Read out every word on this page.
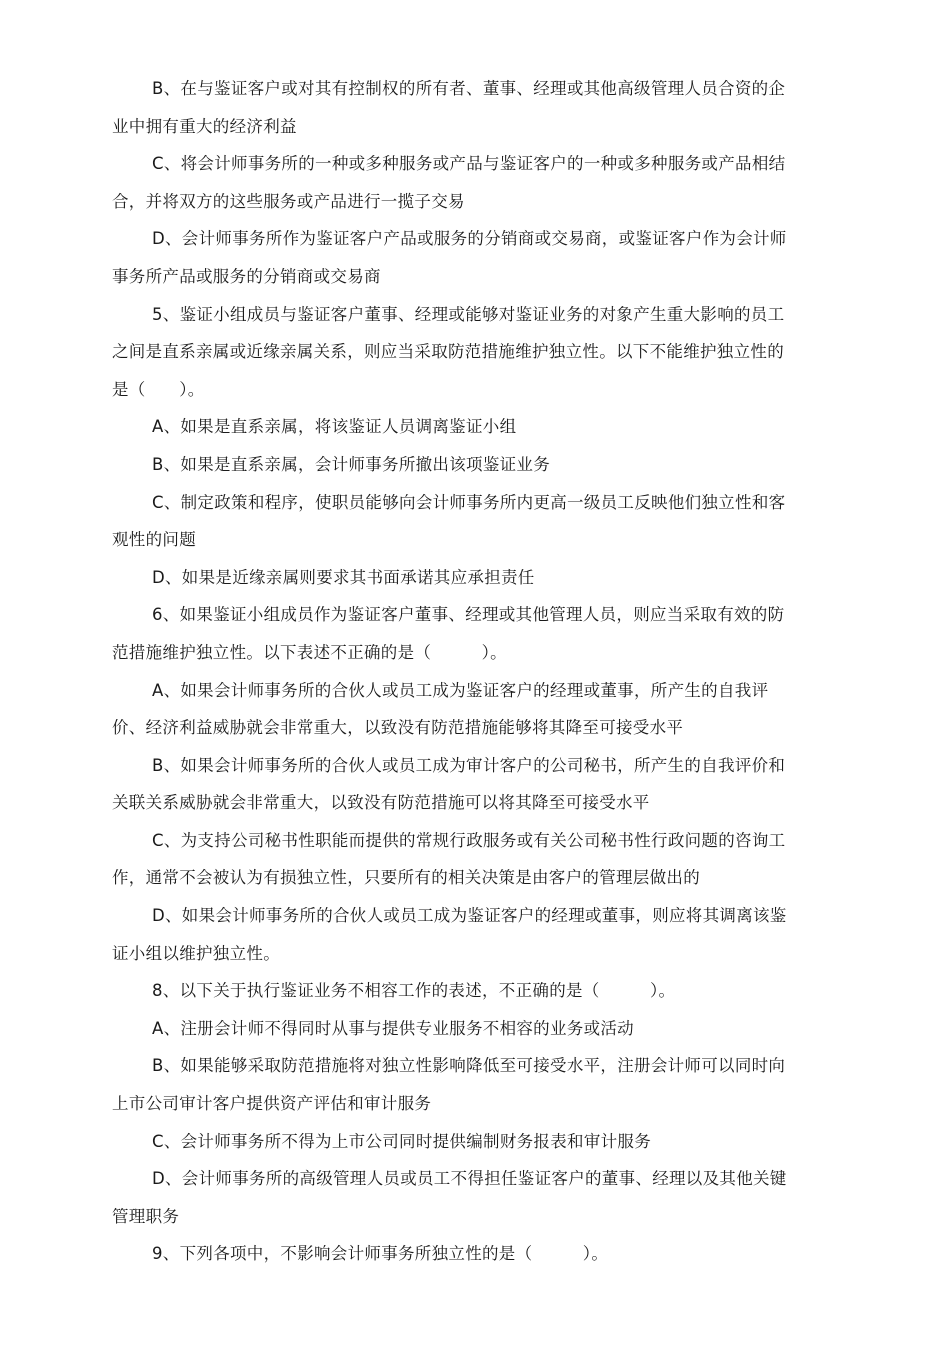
B、在与鉴证客户或对其有控制权的所有者、董事、经理或其他高级管理人员合资的企业中拥有重大的经济利益

C、将会计师事务所的一种或多种服务或产品与鉴证客户的一种或多种服务或产品相结合，并将双方的这些服务或产品进行一揽子交易

D、会计师事务所作为鉴证客户产品或服务的分销商或交易商，或鉴证客户作为会计师事务所产品或服务的分销商或交易商

5、鉴证小组成员与鉴证客户董事、经理或能够对鉴证业务的对象产生重大影响的员工之间是直系亲属或近缘亲属关系，则应当采取防范措施维护独立性。以下不能维护独立性的是（　　）。

A、如果是直系亲属，将该鉴证人员调离鉴证小组

B、如果是直系亲属，会计师事务所撤出该项鉴证业务

C、制定政策和程序，使职员能够向会计师事务所内更高一级员工反映他们独立性和客观性的问题

D、如果是近缘亲属则要求其书面承诺其应承担责任

6、如果鉴证小组成员作为鉴证客户董事、经理或其他管理人员，则应当采取有效的防范措施维护独立性。以下表述不正确的是（　　　）。

A、如果会计师事务所的合伙人或员工成为鉴证客户的经理或董事，所产生的自我评价、经济利益威胁就会非常重大，以致没有防范措施能够将其降至可接受水平

B、如果会计师事务所的合伙人或员工成为审计客户的公司秘书，所产生的自我评价和关联关系威胁就会非常重大，以致没有防范措施可以将其降至可接受水平

C、为支持公司秘书性职能而提供的常规行政服务或有关公司秘书性行政问题的咨询工作，通常不会被认为有损独立性，只要所有的相关决策是由客户的管理层做出的

D、如果会计师事务所的合伙人或员工成为鉴证客户的经理或董事，则应将其调离该鉴证小组以维护独立性。

8、以下关于执行鉴证业务不相容工作的表述，不正确的是（　　　）。

A、注册会计师不得同时从事与提供专业服务不相容的业务或活动

B、如果能够采取防范措施将对独立性影响降低至可接受水平，注册会计师可以同时向上市公司审计客户提供资产评估和审计服务

C、会计师事务所不得为上市公司同时提供编制财务报表和审计服务

D、会计师事务所的高级管理人员或员工不得担任鉴证客户的董事、经理以及其他关键管理职务

9、下列各项中，不影响会计师事务所独立性的是（　　　）。
